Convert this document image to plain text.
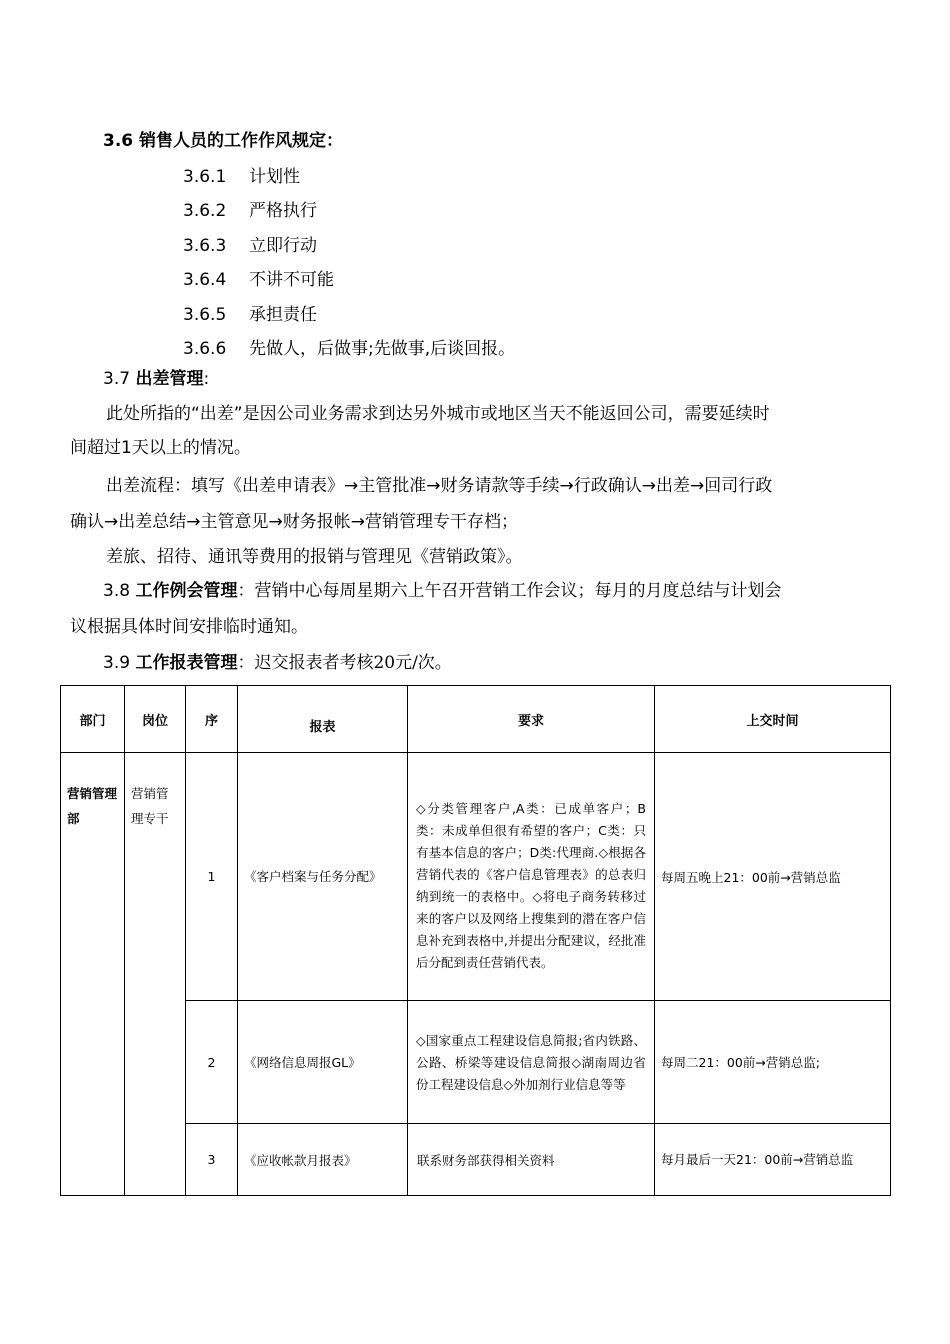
3.6 销售人员的工作作风规定：
3.6.1 计划性
3.6.2 严格执行
3.6.3 立即行动
3.6.4 不讲不可能
3.6.5 承担责任
3.6.6 先做人，后做事;先做事,后谈回报。
3.7 出差管理:
此处所指的“出差”是因公司业务需求到达另外城市或地区当天不能返回公司，需要延续时
间超过1天以上的情况。
出差流程：填写《出差申请表》→主管批准→财务请款等手续→行政确认→出差→回司行政
确认→出差总结→主管意见→财务报帐→营销管理专干存档；
差旅、招待、通讯等费用的报销与管理见《营销政策》。
3.8 工作例会管理：营销中心每周星期六上午召开营销工作会议；每月的月度总结与计划会
议根据具体时间安排临时通知。
3.9 工作报表管理：迟交报表者考核20元/次。
部门	岗位	序	报表	要求	上交时间
营销管理部	营销管理专干	1	《客户档案与任务分配》	◇分类管理客户,A类：已成单客户；B类：未成单但很有希望的客户；C类：只有基本信息的客户；D类:代理商.◇根据各营销代表的《客户信息管理表》的总表归纳到统一的表格中。◇将电子商务转移过来的客户以及网络上搜集到的潜在客户信息补充到表格中,并提出分配建议，经批准后分配到责任营销代表。	每周五晚上21：00前→营销总监
		2	《网络信息周报GL》	◇国家重点工程建设信息简报;省内铁路、公路、桥梁等建设信息简报◇湖南周边省份工程建设信息◇外加剂行业信息等等	每周二21：00前→营销总监;
		3	《应收帐款月报表》	联系财务部获得相关资料	每月最后一天21：00前→营销总监
